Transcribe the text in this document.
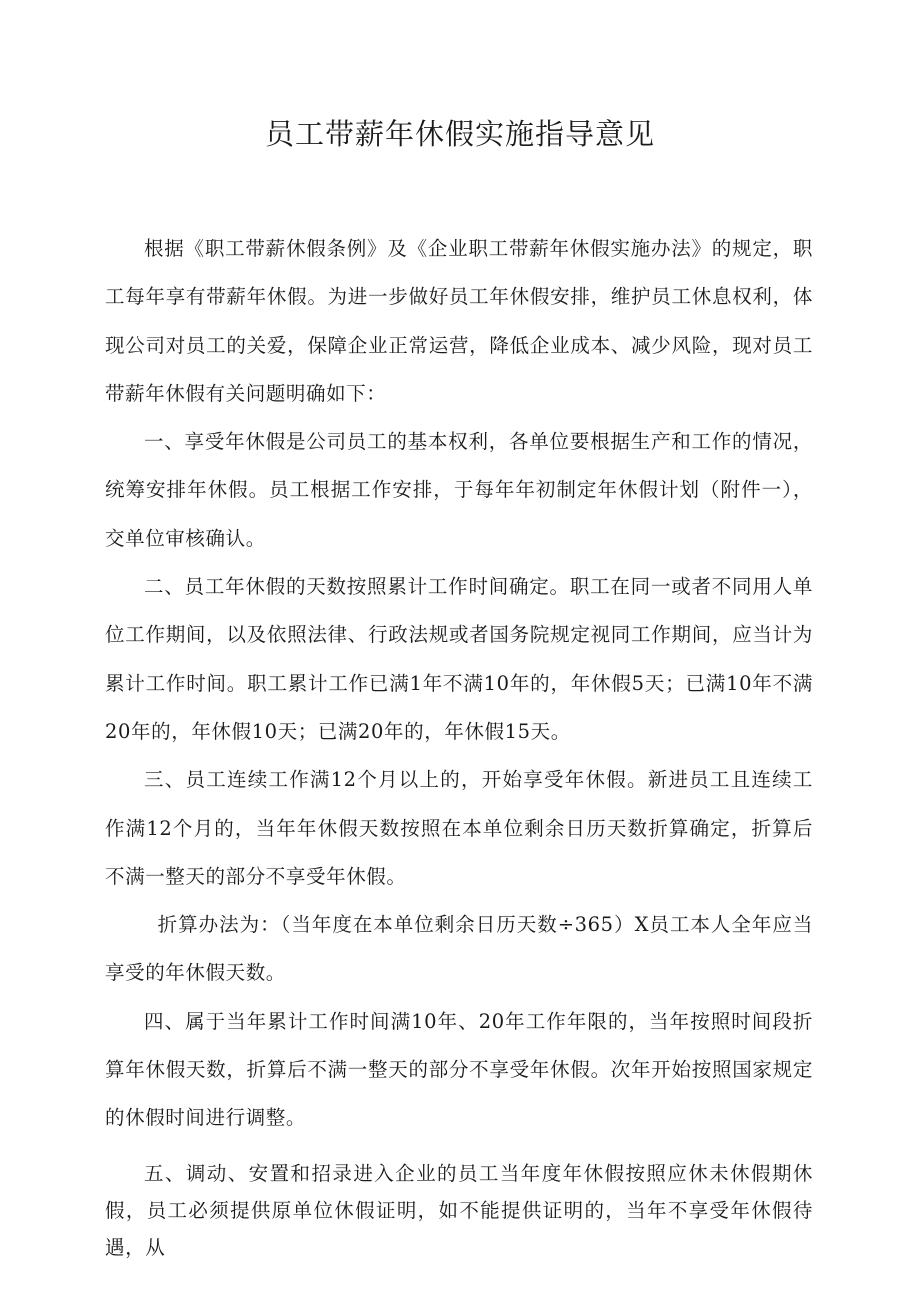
员工带薪年休假实施指导意见

根据《职工带薪休假条例》及《企业职工带薪年休假实施办法》的规定，职工每年享有带薪年休假。为进一步做好员工年休假安排，维护员工休息权利，体现公司对员工的关爱，保障企业正常运营，降低企业成本、减少风险，现对员工带薪年休假有关问题明确如下：

一、享受年休假是公司员工的基本权利，各单位要根据生产和工作的情况，统筹安排年休假。员工根据工作安排，于每年年初制定年休假计划（附件一），交单位审核确认。

二、员工年休假的天数按照累计工作时间确定。职工在同一或者不同用人单位工作期间，以及依照法律、行政法规或者国务院规定视同工作期间，应当计为累计工作时间。职工累计工作已满1年不满10年的，年休假5天；已满10年不满20年的，年休假10天；已满20年的，年休假15天。

三、员工连续工作满12个月以上的，开始享受年休假。新进员工且连续工作满12个月的，当年年休假天数按照在本单位剩余日历天数折算确定，折算后不满一整天的部分不享受年休假。

折算办法为：（当年度在本单位剩余日历天数÷365）X员工本人全年应当享受的年休假天数。

四、属于当年累计工作时间满10年、20年工作年限的，当年按照时间段折算年休假天数，折算后不满一整天的部分不享受年休假。次年开始按照国家规定的休假时间进行调整。

五、调动、安置和招录进入企业的员工当年度年休假按照应休未休假期休假，员工必须提供原单位休假证明，如不能提供证明的，当年不享受年休假待遇，从
